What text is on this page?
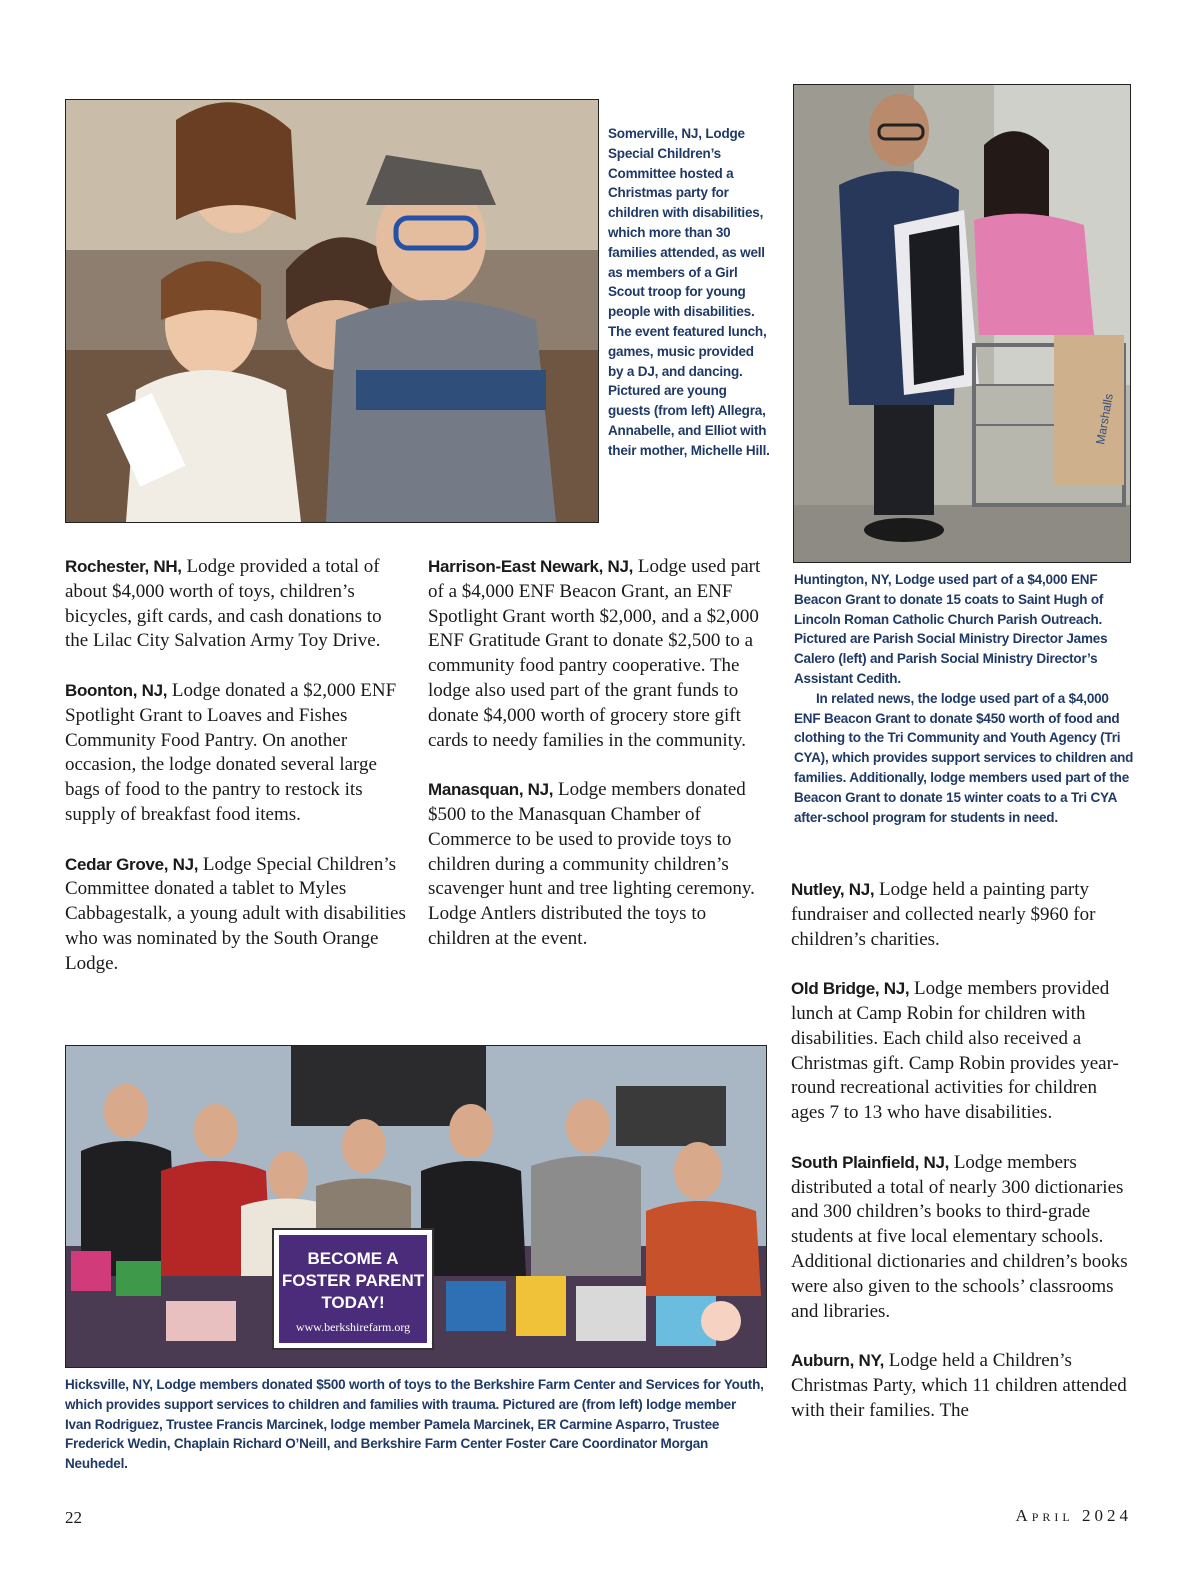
Somerville, NJ, Lodge Special Children’s Committee hosted a Christmas party for children with disabilities, which more than 30 families attended, as well as members of a Girl Scout troop for young people with disabilities. The event featured lunch, games, music provided by a DJ, and dancing. Pictured are young guests (from left) Allegra, Annabelle, and Elliot with their mother, Michelle Hill.

Marshalls

Huntington, NY, Lodge used part of a $4,000 ENF Beacon Grant to donate 15 coats to Saint Hugh of Lincoln Roman Catholic Church Parish Outreach. Pictured are Parish Social Ministry Director James Calero (left) and Parish Social Ministry Director’s Assistant Cedith.

In related news, the lodge used part of a $4,000 ENF Beacon Grant to donate $450 worth of food and clothing to the Tri Community and Youth Agency (Tri CYA), which provides support services to children and families. Additionally, lodge members used part of the Beacon Grant to donate 15 winter coats to a Tri CYA after-school program for students in need.

Rochester, NH, Lodge provided a total of about $4,000 worth of toys, children’s bicycles, gift cards, and cash donations to the Lilac City Salvation Army Toy Drive.

Boonton, NJ, Lodge donated a $2,000 ENF Spotlight Grant to Loaves and Fishes Community Food Pantry. On another occasion, the lodge donated several large bags of food to the pantry to restock its supply of breakfast food items.

Cedar Grove, NJ, Lodge Special Children’s Committee donated a tablet to Myles Cabbagestalk, a young adult with disabilities who was nominated by the South Orange Lodge.

Harrison-East Newark, NJ, Lodge used part of a $4,000 ENF Beacon Grant, an ENF Spotlight Grant worth $2,000, and a $2,000 ENF Gratitude Grant to donate $2,500 to a community food pantry cooperative. The lodge also used part of the grant funds to donate $4,000 worth of grocery store gift cards to needy families in the community.

Manasquan, NJ, Lodge members donated $500 to the Manasquan Chamber of Commerce to be used to provide toys to children during a community children’s scavenger hunt and tree lighting ceremony. Lodge Antlers distributed the toys to children at the event.

Nutley, NJ, Lodge held a painting party fundraiser and collected nearly $960 for children’s charities.

Old Bridge, NJ, Lodge members provided lunch at Camp Robin for children with disabilities. Each child also received a Christmas gift. Camp Robin provides year-round recreational activities for children ages 7 to 13 who have disabilities.

South Plainfield, NJ, Lodge members distributed a total of nearly 300 dictionaries and 300 children’s books to third-grade students at five local elementary schools. Additional dictionaries and children’s books were also given to the schools’ classrooms and libraries.

Auburn, NY, Lodge held a Children’s Christmas Party, which 11 children attended with their families. The

BECOME A
FOSTER PARENT
TODAY!
www.berkshirefarm.org

Hicksville, NY, Lodge members donated $500 worth of toys to the Berkshire Farm Center and Services for Youth, which provides support services to children and families with trauma. Pictured are (from left) lodge member Ivan Rodriguez, Trustee Francis Marcinek, lodge member Pamela Marcinek, ER Carmine Asparro, Trustee Frederick Wedin, Chaplain Richard O’Neill, and Berkshire Farm Center Foster Care Coordinator Morgan Neuhedel.

22	April 2024
